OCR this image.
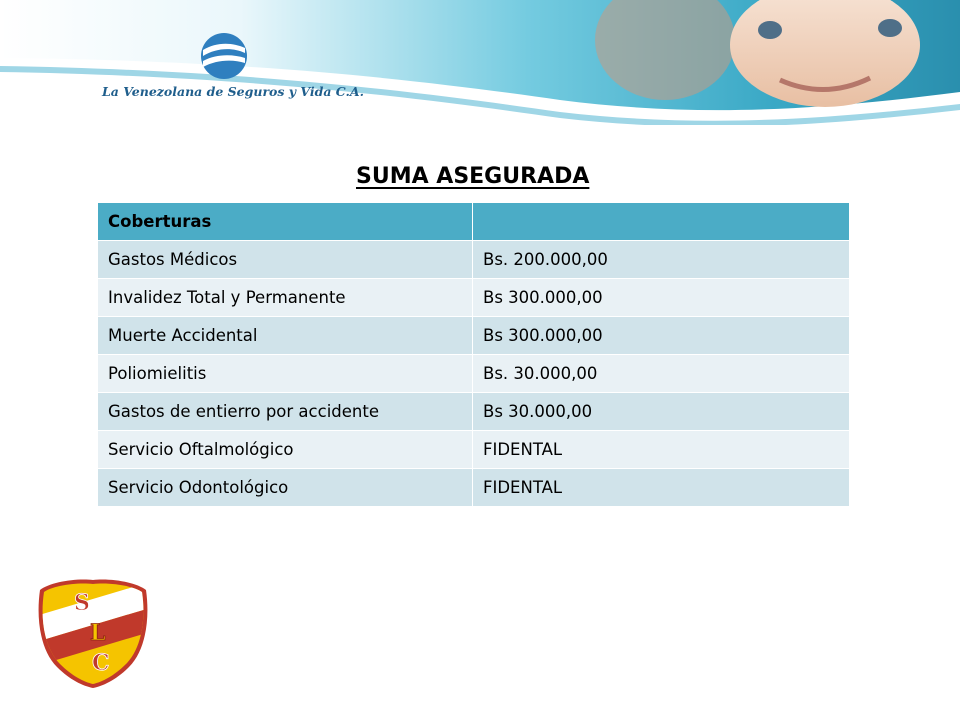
La Venezolana de Seguros y Vida C.A.
SUMA ASEGURADA
Coberturas	
Gastos Médicos	Bs. 200.000,00
Invalidez Total y Permanente	Bs 300.000,00
Muerte Accidental	Bs 300.000,00
Poliomielitis	Bs. 30.000,00
Gastos de entierro por accidente	Bs 30.000,00
Servicio Oftalmológico	FIDENTAL
Servicio Odontológico	FIDENTAL
S
L
C
